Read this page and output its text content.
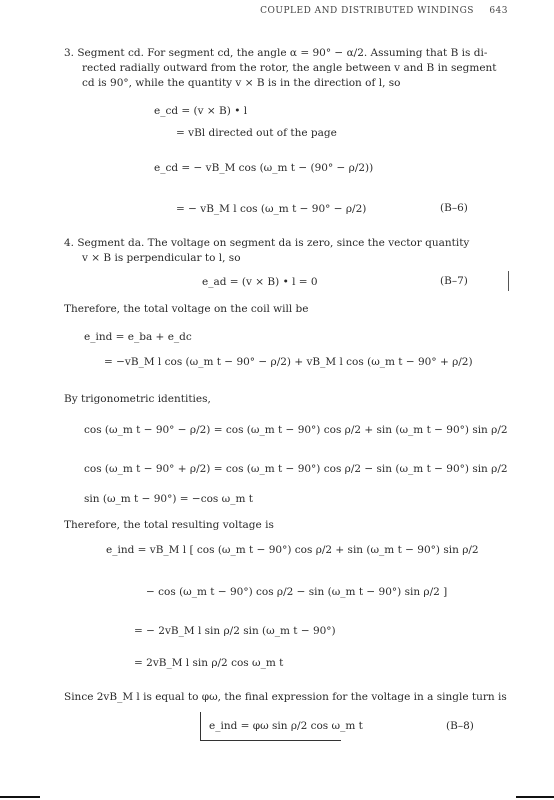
COUPLED AND DISTRIBUTED WINDINGS 643
3. Segment cd. For segment cd, the angle α = 90° − α/2. Assuming that B is di-
rected radially outward from the rotor, the angle between v and B in segment
cd is 90°, while the quantity v × B is in the direction of l, so
e_cd = (v × B) • l
= vBl directed out of the page
e_cd = − vB_M cos (ω_m t − (90° − ρ/2))
= − vB_M l cos (ω_m t − 90° − ρ/2)	(B–6)
4. Segment da. The voltage on segment da is zero, since the vector quantity
v × B is perpendicular to l, so
e_ad = (v × B) • l = 0	(B–7)
Therefore, the total voltage on the coil will be
e_ind = e_ba + e_dc
= −vB_M l cos (ω_m t − 90° − ρ/2) + vB_M l cos (ω_m t − 90° + ρ/2)
By trigonometric identities,
cos (ω_m t − 90° − ρ/2) = cos (ω_m t − 90°) cos ρ/2 + sin (ω_m t − 90°) sin ρ/2
cos (ω_m t − 90° + ρ/2) = cos (ω_m t − 90°) cos ρ/2 − sin (ω_m t − 90°) sin ρ/2
sin (ω_m t − 90°) = −cos ω_m t
Therefore, the total resulting voltage is
e_ind = vB_M l [ cos (ω_m t − 90°) cos ρ/2 + sin (ω_m t − 90°) sin ρ/2
− cos (ω_m t − 90°) cos ρ/2 − sin (ω_m t − 90°) sin ρ/2 ]
= − 2vB_M l sin ρ/2 sin (ω_m t − 90°)
= 2vB_M l sin ρ/2 cos ω_m t
Since 2vB_M l is equal to φω, the final expression for the voltage in a single turn is
e_ind = φω sin ρ/2 cos ω_m t	(B–8)
